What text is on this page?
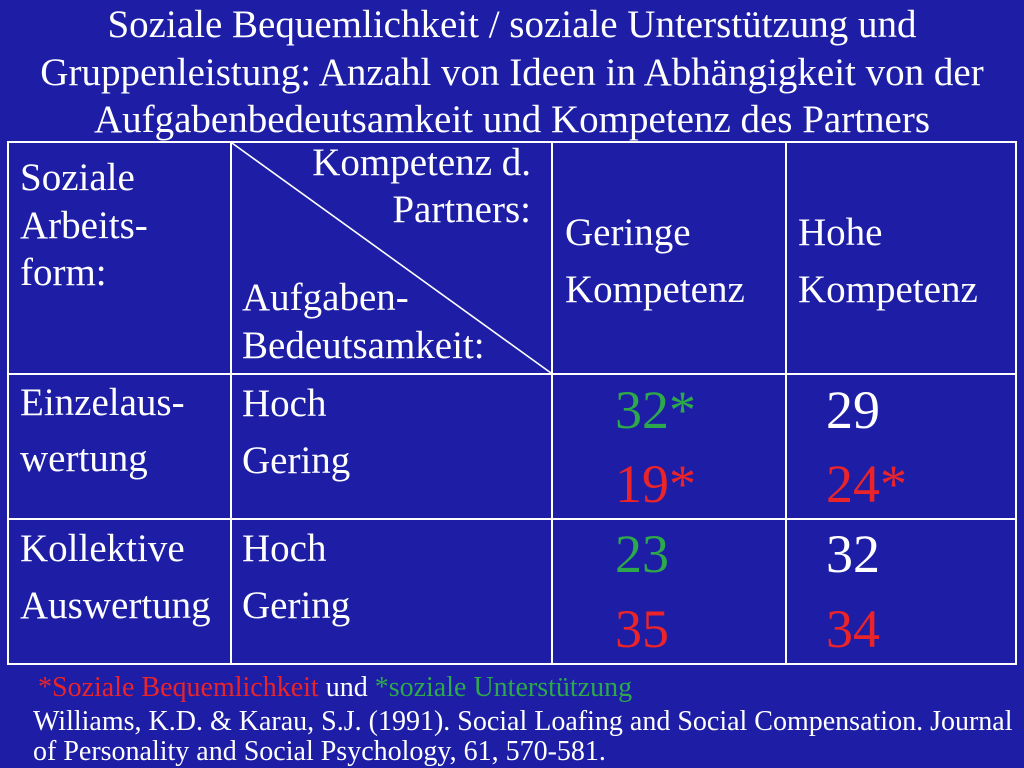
Soziale Bequemlichkeit / soziale Unterstützung und
Gruppenleistung: Anzahl von Ideen in Abhängigkeit von der
Aufgabenbedeutsamkeit und Kompetenz des Partners
Soziale
Arbeits-
form:
Kompetenz d.
Partners:
Aufgaben-
Bedeutsamkeit:
Geringe
Kompetenz
Hohe
Kompetenz
Einzelaus-
wertung
Hoch
Gering
32*
19*
29
24*
Kollektive
Auswertung
Hoch
Gering
23
35
32
34
*Soziale Bequemlichkeit und *soziale Unterstützung
Williams, K.D. & Karau, S.J. (1991). Social Loafing and Social Compensation. Journal of Personality and Social Psychology, 61, 570-581.
